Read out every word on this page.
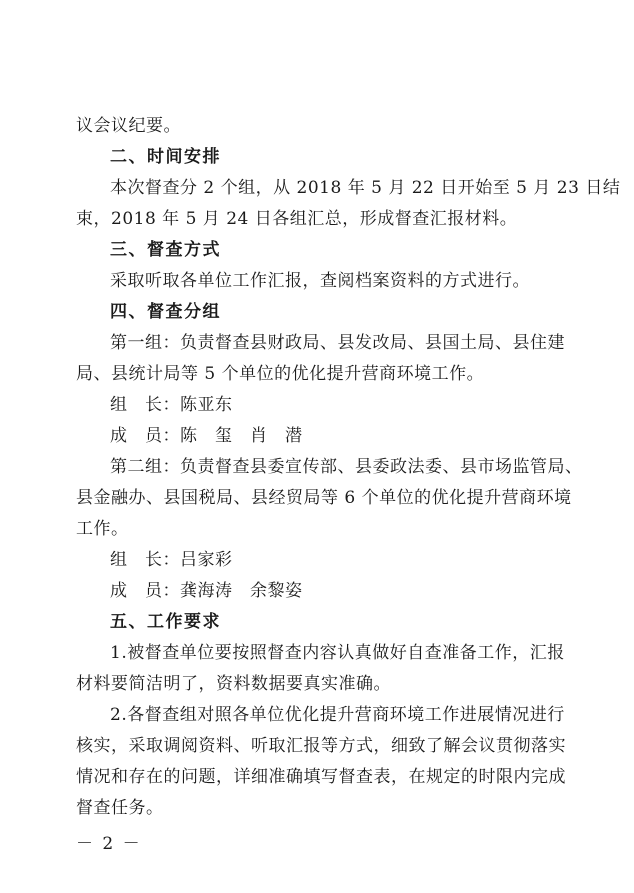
议会议纪要。
二、时间安排
本次督查分 2 个组，从 2018 年 5 月 22 日开始至 5 月 23 日结
束，2018 年 5 月 24 日各组汇总，形成督查汇报材料。
三、督查方式
采取听取各单位工作汇报，查阅档案资料的方式进行。
四、督查分组
第一组：负责督查县财政局、县发改局、县国土局、县住建
局、县统计局等 5 个单位的优化提升营商环境工作。
组　长：陈亚东
成　员：陈　玺　肖　潜
第二组：负责督查县委宣传部、县委政法委、县市场监管局、
县金融办、县国税局、县经贸局等 6 个单位的优化提升营商环境
工作。
组　长：吕家彩
成　员：龚海涛　余黎姿
五、工作要求
1.被督查单位要按照督查内容认真做好自查准备工作，汇报
材料要简洁明了，资料数据要真实准确。
2.各督查组对照各单位优化提升营商环境工作进展情况进行
核实，采取调阅资料、听取汇报等方式，细致了解会议贯彻落实
情况和存在的问题，详细准确填写督查表，在规定的时限内完成
督查任务。
－ 2 －
